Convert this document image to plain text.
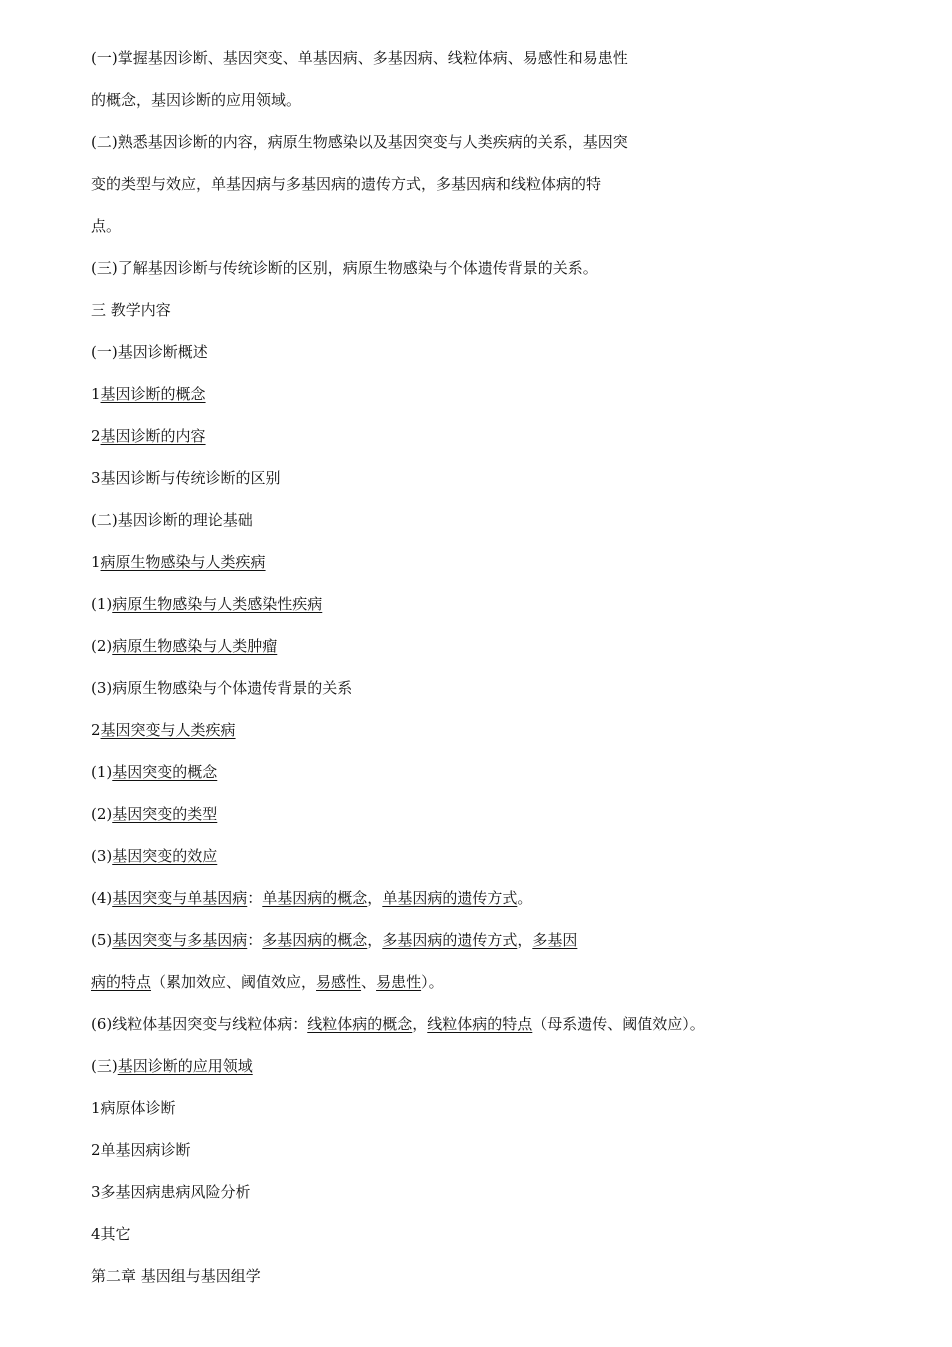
(一)掌握基因诊断、基因突变、单基因病、多基因病、线粒体病、易感性和易患性
的概念，基因诊断的应用领域。
(二)熟悉基因诊断的内容，病原生物感染以及基因突变与人类疾病的关系，基因突
变的类型与效应，单基因病与多基因病的遗传方式，多基因病和线粒体病的特
点。
(三)了解基因诊断与传统诊断的区别，病原生物感染与个体遗传背景的关系。
三 教学内容
(一)基因诊断概述
1基因诊断的概念
2基因诊断的内容
3基因诊断与传统诊断的区别
(二)基因诊断的理论基础
1病原生物感染与人类疾病
(1)病原生物感染与人类感染性疾病
(2)病原生物感染与人类肿瘤
(3)病原生物感染与个体遗传背景的关系
2基因突变与人类疾病
(1)基因突变的概念
(2)基因突变的类型
(3)基因突变的效应
(4)基因突变与单基因病：单基因病的概念，单基因病的遗传方式。
(5)基因突变与多基因病：多基因病的概念，多基因病的遗传方式，多基因
病的特点（累加效应、阈值效应，易感性、易患性）。
(6)线粒体基因突变与线粒体病：线粒体病的概念，线粒体病的特点（母系遗传、阈值效应）。
(三)基因诊断的应用领域
1病原体诊断
2单基因病诊断
3多基因病患病风险分析
4其它
第二章 基因组与基因组学
